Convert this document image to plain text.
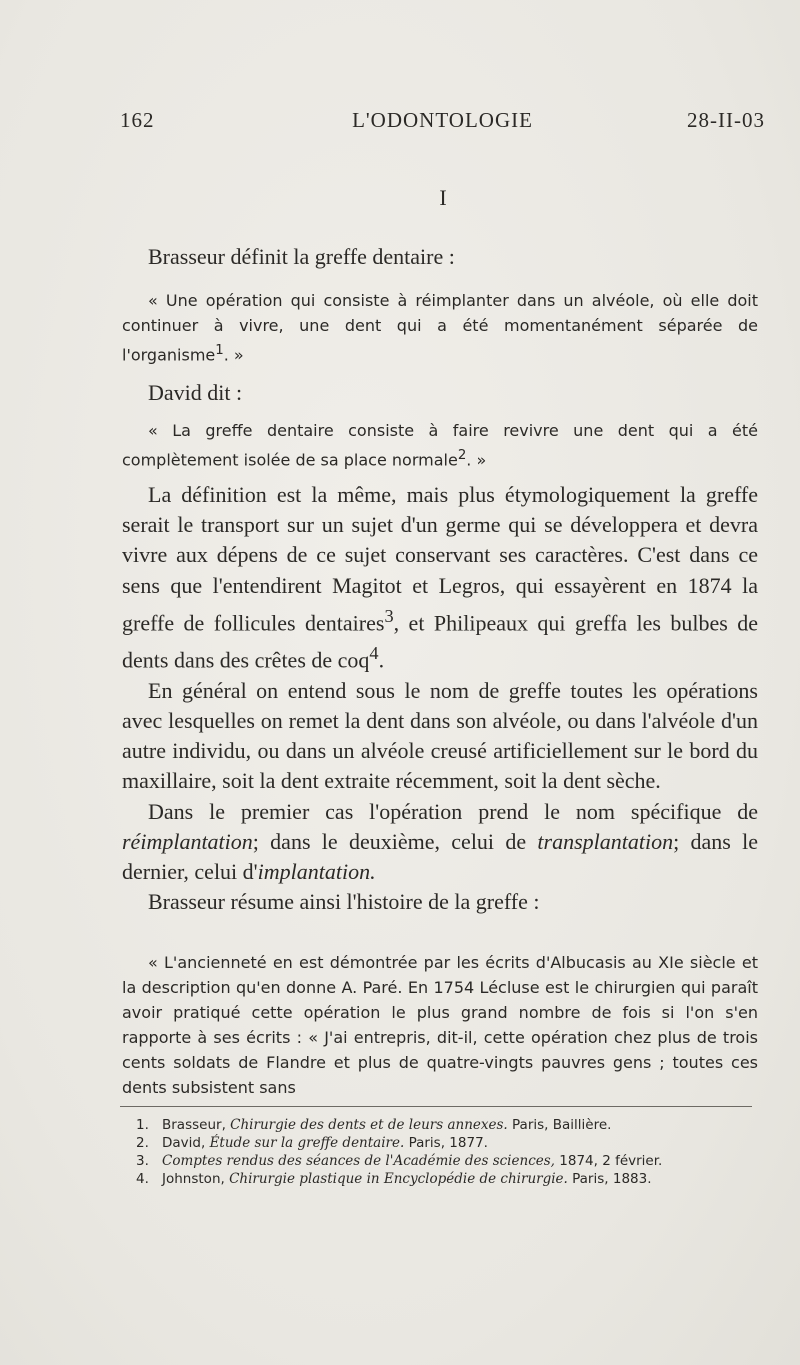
162	L'ODONTOLOGIE	28-II-03
I

Brasseur définit la greffe dentaire :

« Une opération qui consiste à réimplanter dans un alvéole, où elle doit continuer à vivre, une dent qui a été momentanément séparée de l'organisme$^1$. »

David dit :

« La greffe dentaire consiste à faire revivre une dent qui a été complètement isolée de sa place normale$^2$. »

La définition est la même, mais plus étymologiquement la greffe serait le transport sur un sujet d'un germe qui se développera et devra vivre aux dépens de ce sujet conservant ses caractères. C'est dans ce sens que l'entendirent Magitot et Legros, qui essayèrent en 1874 la greffe de follicules dentaires$^3$, et Philipeaux qui greffa les bulbes de dents dans des crêtes de coq$^4$.

En général on entend sous le nom de greffe toutes les opérations avec lesquelles on remet la dent dans son alvéole, ou dans l'alvéole d'un autre individu, ou dans un alvéole creusé artificiellement sur le bord du maxillaire, soit la dent extraite récemment, soit la dent sèche.

Dans le premier cas l'opération prend le nom spécifique de réimplantation; dans le deuxième, celui de transplantation; dans le dernier, celui d'implantation.

Brasseur résume ainsi l'histoire de la greffe :

« L'ancienneté en est démontrée par les écrits d'Albucasis au XIe siècle et la description qu'en donne A. Paré. En 1754 Lécluse est le chirurgien qui paraît avoir pratiqué cette opération le plus grand nombre de fois si l'on s'en rapporte à ses écrits : « J'ai entrepris, dit-il, cette opération chez plus de trois cents soldats de Flandre et plus de quatre-vingts pauvres gens ; toutes ces dents subsistent sans

1. Brasseur, Chirurgie des dents et de leurs annexes. Paris, Baillière.

2. David, Étude sur la greffe dentaire. Paris, 1877.

3. Comptes rendus des séances de l'Académie des sciences, 1874, 2 février.

4. Johnston, Chirurgie plastique in Encyclopédie de chirurgie. Paris, 1883.
